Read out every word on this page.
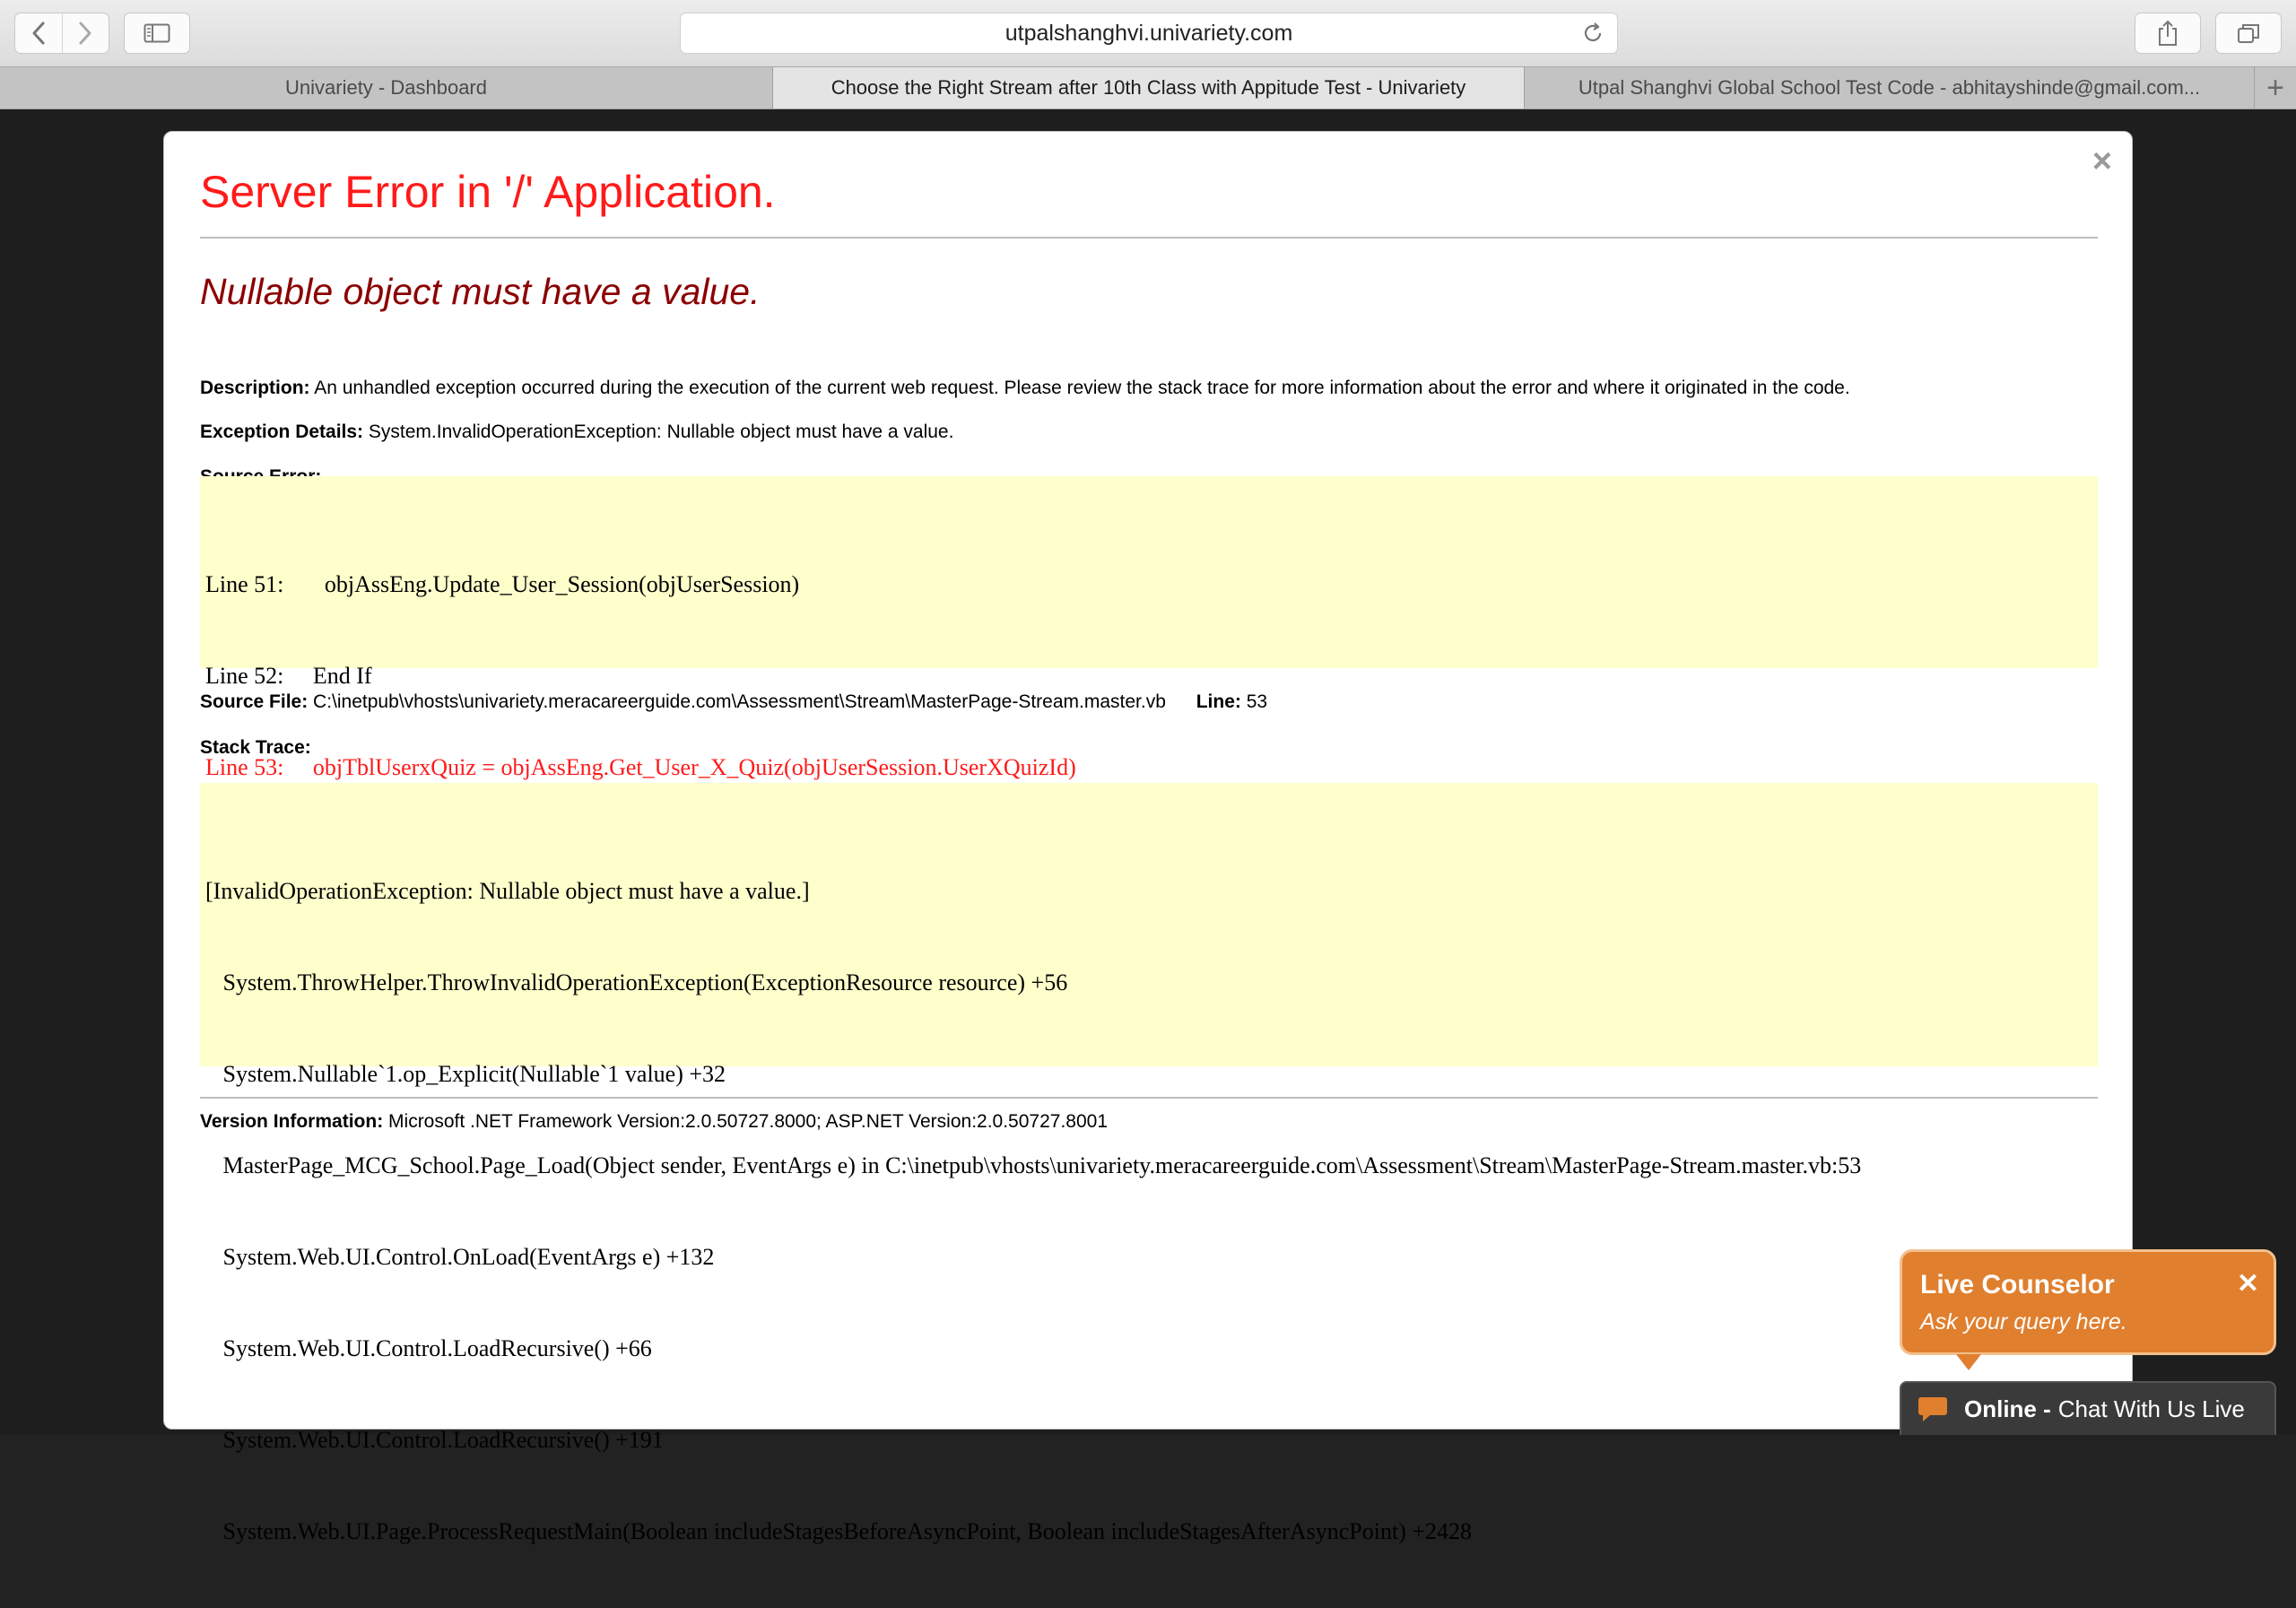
utpalshanghvi.univariety.com
Univariety - Dashboard	Choose the Right Stream after 10th Class with Appitude Test - Univariety	Utpal Shanghvi Global School Test Code - abhitayshinde@gmail.com... +
×
Server Error in '/' Application.
Nullable object must have a value.

Description: An unhandled exception occurred during the execution of the current web request. Please review the stack trace for more information about the error and where it originated in the code.

Exception Details: System.InvalidOperationException: Nullable object must have a value.

Line 51:       objAssEng.Update_User_Session(objUserSession)

Line 52:     End If

Line 53:     objTblUserxQuiz = objAssEng.Get_User_X_Quiz(objUserSession.UserXQuizId)

Source File: C:\inetpub\vhosts\univariety.meracareerguide.com\Assessment\Stream\MasterPage-Stream.master.vb Line: 53

Stack Trace:

[InvalidOperationException: Nullable object must have a value.]

System.ThrowHelper.ThrowInvalidOperationException(ExceptionResource resource) +56

System.Nullable`1.op_Explicit(Nullable`1 value) +32

MasterPage_MCG_School.Page_Load(Object sender, EventArgs e) in C:\inetpub\vhosts\univariety.meracareerguide.com\Assessment\Stream\MasterPage-Stream.master.vb:53

System.Web.UI.Control.OnLoad(EventArgs e) +132

System.Web.UI.Control.LoadRecursive() +66

System.Web.UI.Control.LoadRecursive() +191

System.Web.UI.Page.ProcessRequestMain(Boolean includeStagesBeforeAsyncPoint, Boolean includeStagesAfterAsyncPoint) +2428

Version Information: Microsoft .NET Framework Version:2.0.50727.8000; ASP.NET Version:2.0.50727.8001

Live Counselor
Ask your query here.
✕
Online - Chat With Us Live
